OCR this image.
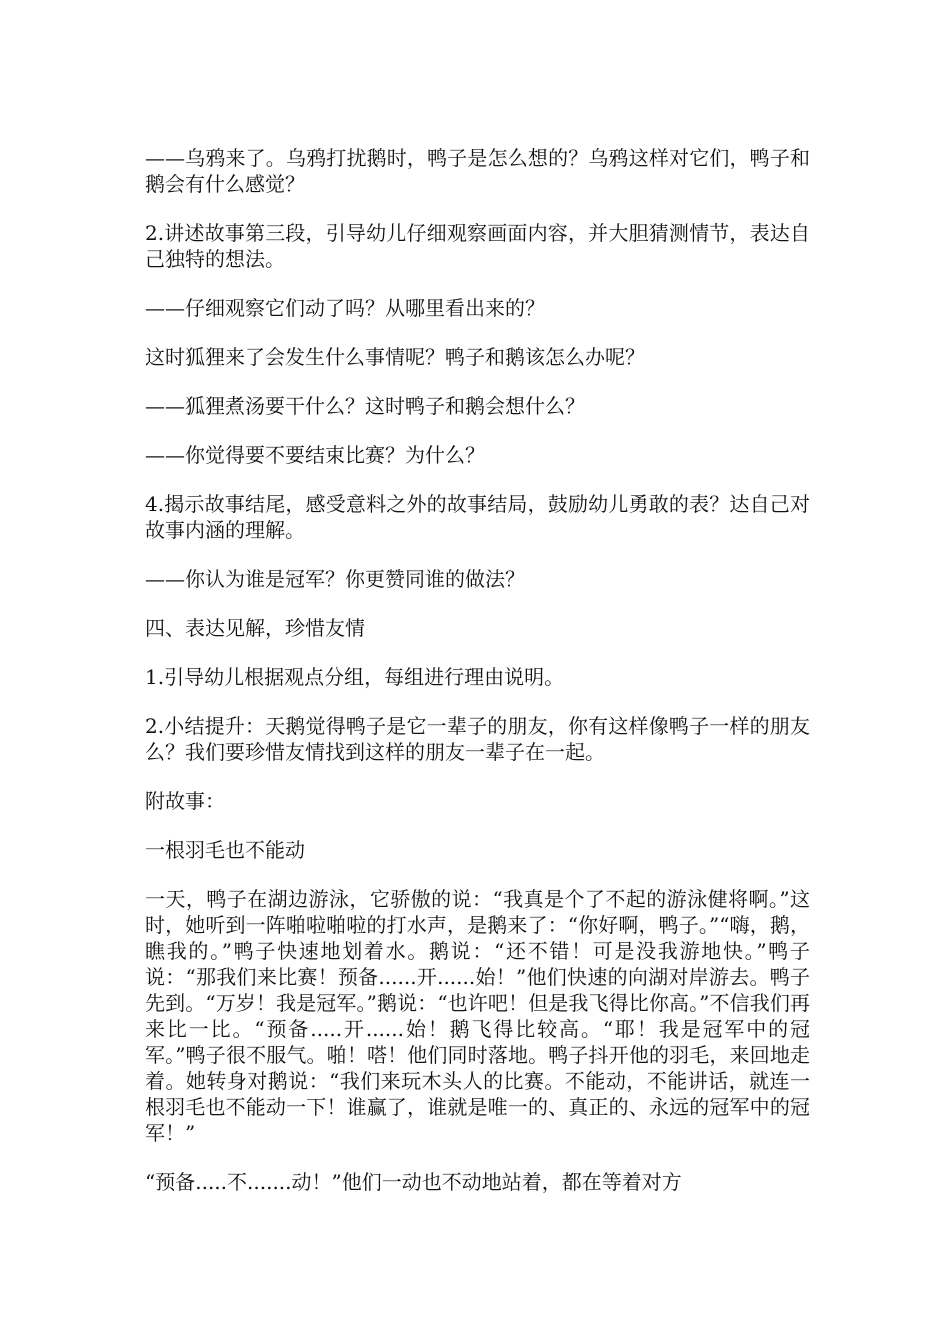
——乌鸦来了。乌鸦打扰鹅时，鸭子是怎么想的？乌鸦这样对它们，鸭子和鹅会有什么感觉？

2.讲述故事第三段，引导幼儿仔细观察画面内容，并大胆猜测情节，表达自己独特的想法。

——仔细观察它们动了吗？从哪里看出来的？

这时狐狸来了会发生什么事情呢？鸭子和鹅该怎么办呢？

——狐狸煮汤要干什么？这时鸭子和鹅会想什么？

——你觉得要不要结束比赛？为什么？

4.揭示故事结尾，感受意料之外的故事结局，鼓励幼儿勇敢的表？达自己对故事内涵的理解。

——你认为谁是冠军？你更赞同谁的做法？

四、表达见解，珍惜友情

1.引导幼儿根据观点分组，每组进行理由说明。

2.小结提升：天鹅觉得鸭子是它一辈子的朋友，你有这样像鸭子一样的朋友么？我们要珍惜友情找到这样的朋友一辈子在一起。

附故事：

一根羽毛也不能动

一天，鸭子在湖边游泳，它骄傲的说：“我真是个了不起的游泳健将啊。”这时，她听到一阵啪啦啪啦的打水声，是鹅来了：“你好啊，鸭子。”“嗨，鹅，瞧我的。”鸭子快速地划着水。鹅说：“还不错！可是没我游地快。”鸭子说：“那我们来比赛！预备......开......始！”他们快速的向湖对岸游去。鸭子先到。“万岁！我是冠军。”鹅说：“也许吧！但是我飞得比你高。”不信我们再来比一比。“预备.....开......始！鹅飞得比较高。“耶！我是冠军中的冠军。”鸭子很不服气。啪！嗒！他们同时落地。鸭子抖开他的羽毛，来回地走着。她转身对鹅说：“我们来玩木头人的比赛。不能动，不能讲话，就连一根羽毛也不能动一下！谁赢了，谁就是唯一的、真正的、永远的冠军中的冠军！”

“预备.....不.......动！”他们一动也不动地站着，都在等着对方
